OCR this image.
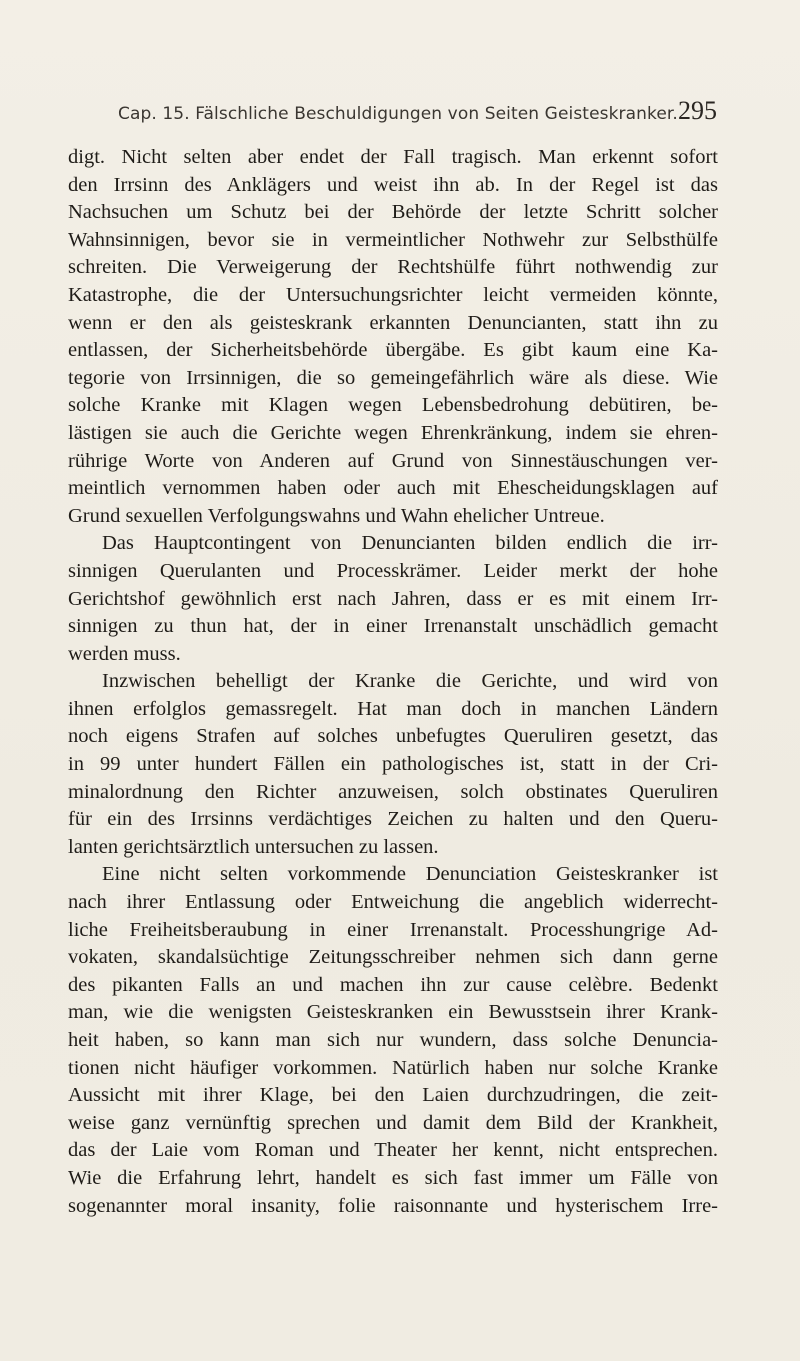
Cap. 15. Fälschliche Beschuldigungen von Seiten Geisteskranker. 295
digt. Nicht selten aber endet der Fall tragisch. Man erkennt sofort
den Irrsinn des Anklägers und weist ihn ab. In der Regel ist das
Nachsuchen um Schutz bei der Behörde der letzte Schritt solcher
Wahnsinnigen, bevor sie in vermeintlicher Nothwehr zur Selbsthülfe
schreiten. Die Verweigerung der Rechtshülfe führt nothwendig zur
Katastrophe, die der Untersuchungsrichter leicht vermeiden könnte,
wenn er den als geisteskrank erkannten Denuncianten, statt ihn zu
entlassen, der Sicherheitsbehörde übergäbe. Es gibt kaum eine Ka-
tegorie von Irrsinnigen, die so gemeingefährlich wäre als diese. Wie
solche Kranke mit Klagen wegen Lebensbedrohung debütiren, be-
lästigen sie auch die Gerichte wegen Ehrenkränkung, indem sie ehren-
rührige Worte von Anderen auf Grund von Sinnestäuschungen ver-
meintlich vernommen haben oder auch mit Ehescheidungsklagen auf
Grund sexuellen Verfolgungswahns und Wahn ehelicher Untreue.
Das Hauptcontingent von Denuncianten bilden endlich die irr-
sinnigen Querulanten und Processkrämer. Leider merkt der hohe
Gerichtshof gewöhnlich erst nach Jahren, dass er es mit einem Irr-
sinnigen zu thun hat, der in einer Irrenanstalt unschädlich gemacht
werden muss.
Inzwischen behelligt der Kranke die Gerichte, und wird von
ihnen erfolglos gemassregelt. Hat man doch in manchen Ländern
noch eigens Strafen auf solches unbefugtes Queruliren gesetzt, das
in 99 unter hundert Fällen ein pathologisches ist, statt in der Cri-
minalordnung den Richter anzuweisen, solch obstinates Queruliren
für ein des Irrsinns verdächtiges Zeichen zu halten und den Queru-
lanten gerichtsärztlich untersuchen zu lassen.
Eine nicht selten vorkommende Denunciation Geisteskranker ist
nach ihrer Entlassung oder Entweichung die angeblich widerrecht-
liche Freiheitsberaubung in einer Irrenanstalt. Processhungrige Ad-
vokaten, skandalsüchtige Zeitungsschreiber nehmen sich dann gerne
des pikanten Falls an und machen ihn zur cause celèbre. Bedenkt
man, wie die wenigsten Geisteskranken ein Bewusstsein ihrer Krank-
heit haben, so kann man sich nur wundern, dass solche Denuncia-
tionen nicht häufiger vorkommen. Natürlich haben nur solche Kranke
Aussicht mit ihrer Klage, bei den Laien durchzudringen, die zeit-
weise ganz vernünftig sprechen und damit dem Bild der Krankheit,
das der Laie vom Roman und Theater her kennt, nicht entsprechen.
Wie die Erfahrung lehrt, handelt es sich fast immer um Fälle von
sogenannter moral insanity, folie raisonnante und hysterischem Irre-
